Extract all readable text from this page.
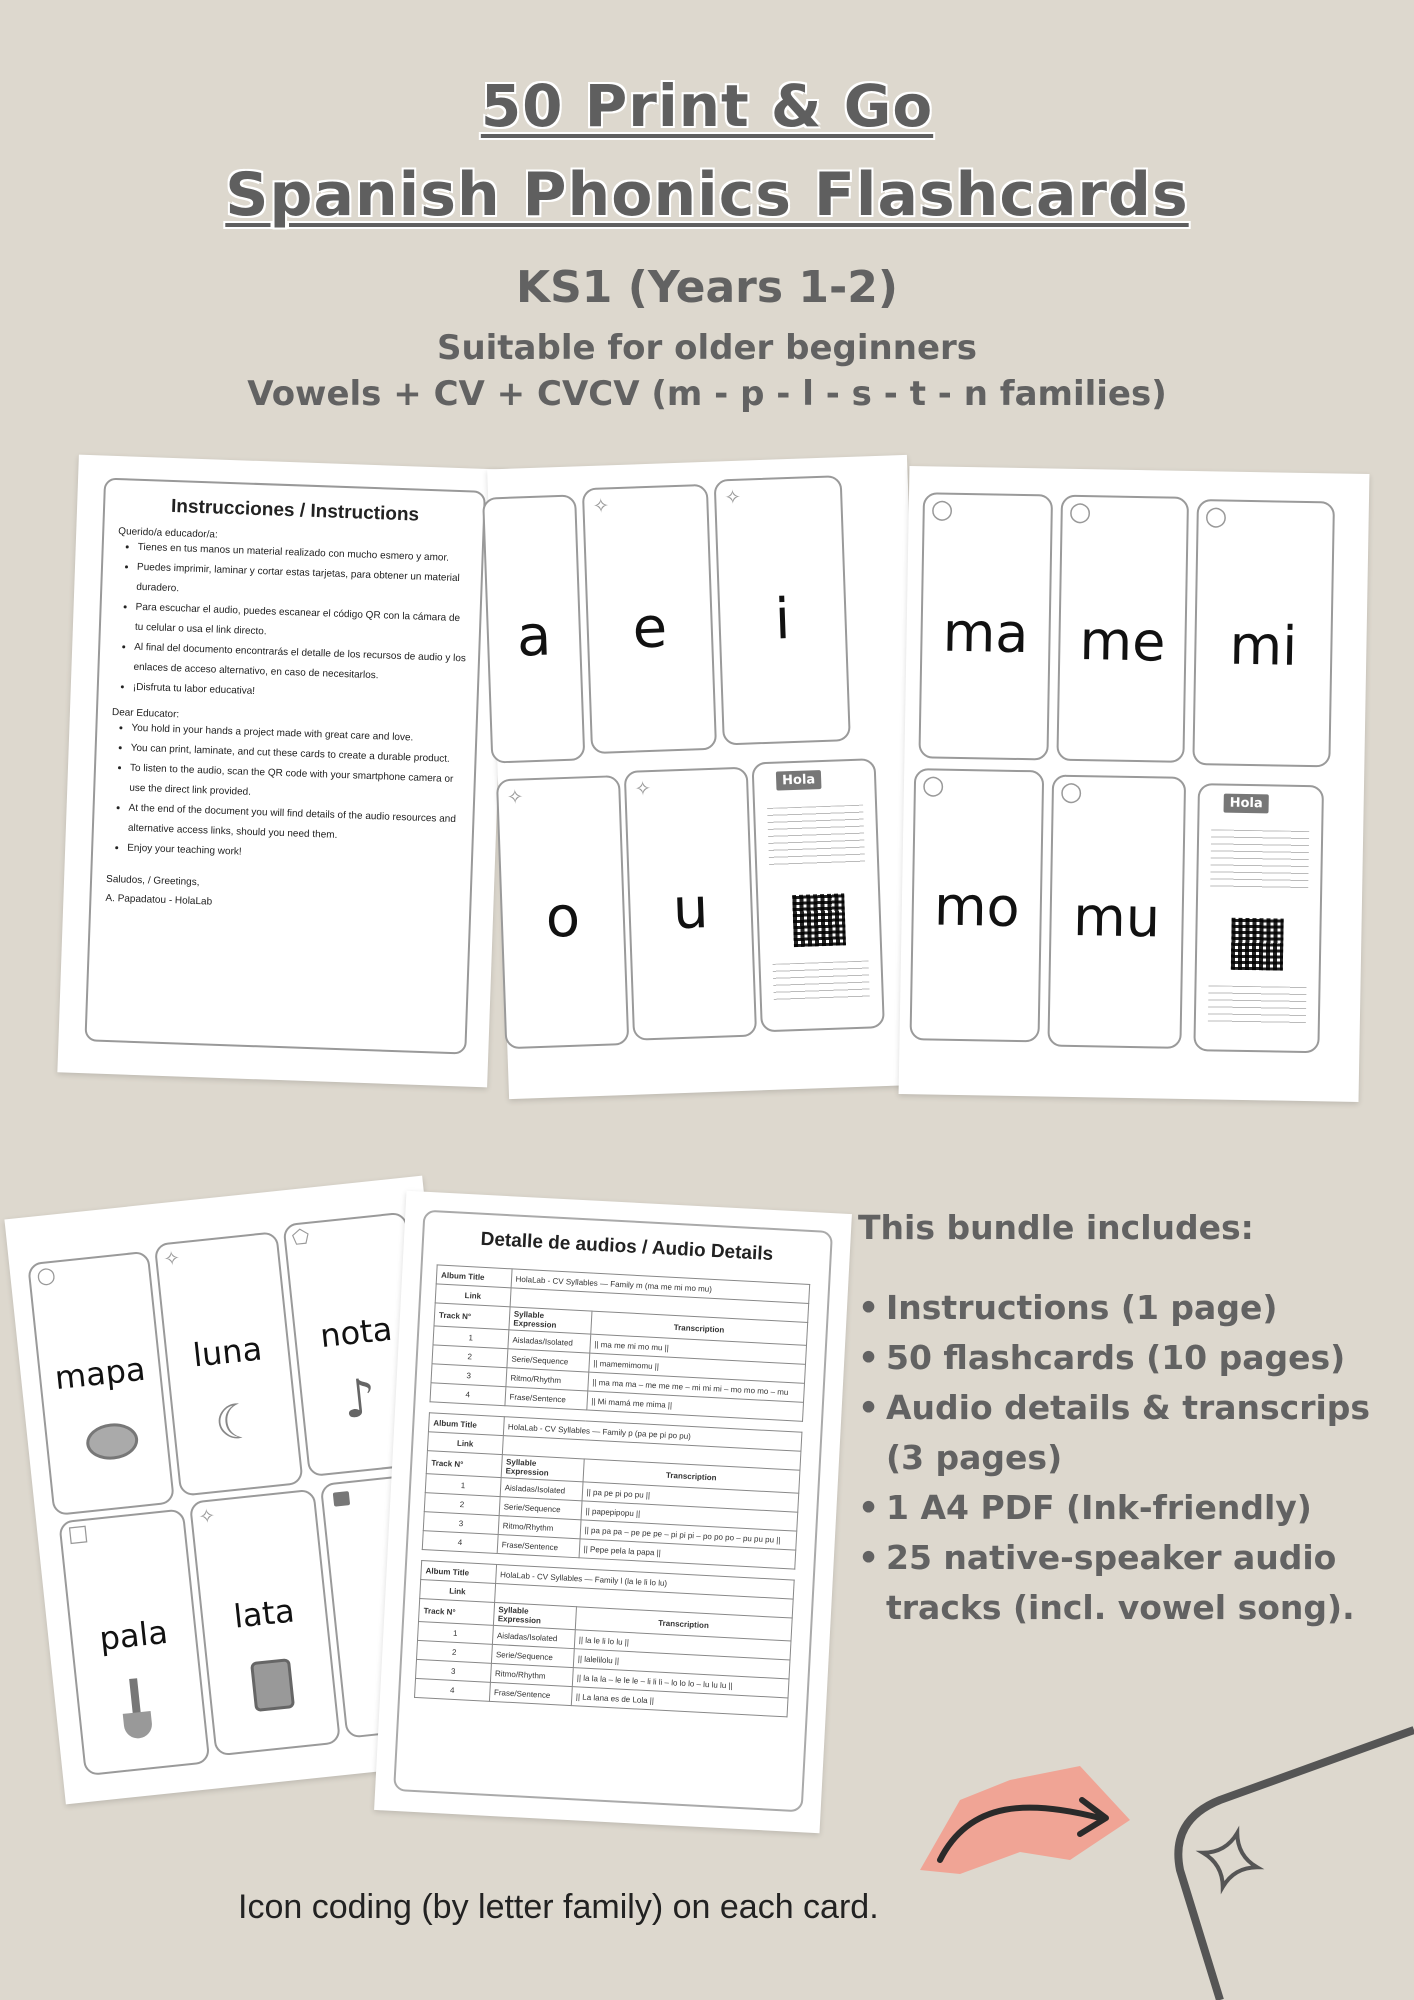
50 Print & Go
Spanish Phonics Flashcards
KS1 (Years 1-2)
Suitable for older beginners
Vowels + CV + CVCV (m - p - l - s - t - n families)
Instrucciones / Instructions

Querido/a educador/a:

• Tienes en tus manos un material realizado con mucho esmero y amor.
• Puedes imprimir, laminar y cortar estas tarjetas, para obtener un material duradero.
• Para escuchar el audio, puedes escanear el código QR con la cámara de tu celular o usa el link directo.
• Al final del documento encontrarás el detalle de los recursos de audio y los enlaces de acceso alternativo, en caso de necesitarlos.
• ¡Disfruta tu labor educativa!

Dear Educator:

• You hold in your hands a project made with great care and love.
• You can print, laminate, and cut these cards to create a durable product.
• To listen to the audio, scan the QR code with your smartphone camera or use the direct link provided.
• At the end of the document you will find details of the audio resources and alternative access links, should you need them.
• Enjoy your teaching work!

Saludos, / Greetings,

A. Papadatou - HolaLab

a
✧
e
✧
i
✧
o
✧
u
Hola
○
ma
○
me
○
mi
○
mo
○
mu
Hola
○
mapa
✧
luna
☾
⬠
nota
♪
□
pala
✧
lata
Detalle de audios / Audio Details
Album Title	HolaLab - CV Syllables — Family m (ma me mi mo mu)	
Link	​	
Track N°	Syllable Expression	Transcription
1	Aisladas/Isolated	|| ma me mi mo mu ||
2	Serie/Sequence	|| mamemimomu ||
3	Ritmo/Rhythm	|| ma ma ma – me me me – mi mi mi – mo mo mo – mu
4	Frase/Sentence	|| Mi mamá me mima ||
Album Title	HolaLab - CV Syllables — Family p (pa pe pi po pu)	
Link	​	
Track N°	Syllable Expression	Transcription
1	Aisladas/Isolated	|| pa pe pi po pu ||
2	Serie/Sequence	|| papepipopu ||
3	Ritmo/Rhythm	|| pa pa pa – pe pe pe – pi pi pi – po po po – pu pu pu ||
4	Frase/Sentence	|| Pepe pela la papa ||
Album Title	HolaLab - CV Syllables — Family l (la le li lo lu)	
Link	​	
Track N°	Syllable Expression	Transcription
1	Aisladas/Isolated	|| la le li lo lu ||
2	Serie/Sequence	|| lalelilolu ||
3	Ritmo/Rhythm	|| la la la – le le le – li li li – lo lo lo – lu lu lu ||
4	Frase/Sentence	|| La lana es de Lola ||
This bundle includes:
• Instructions (1 page)
• 50 flashcards (10 pages)
• Audio details & transcrips (3 pages)
• 1 A4 PDF (Ink-friendly)
• 25 native-speaker audio tracks (incl. vowel song).
Icon coding (by letter family) on each card.
